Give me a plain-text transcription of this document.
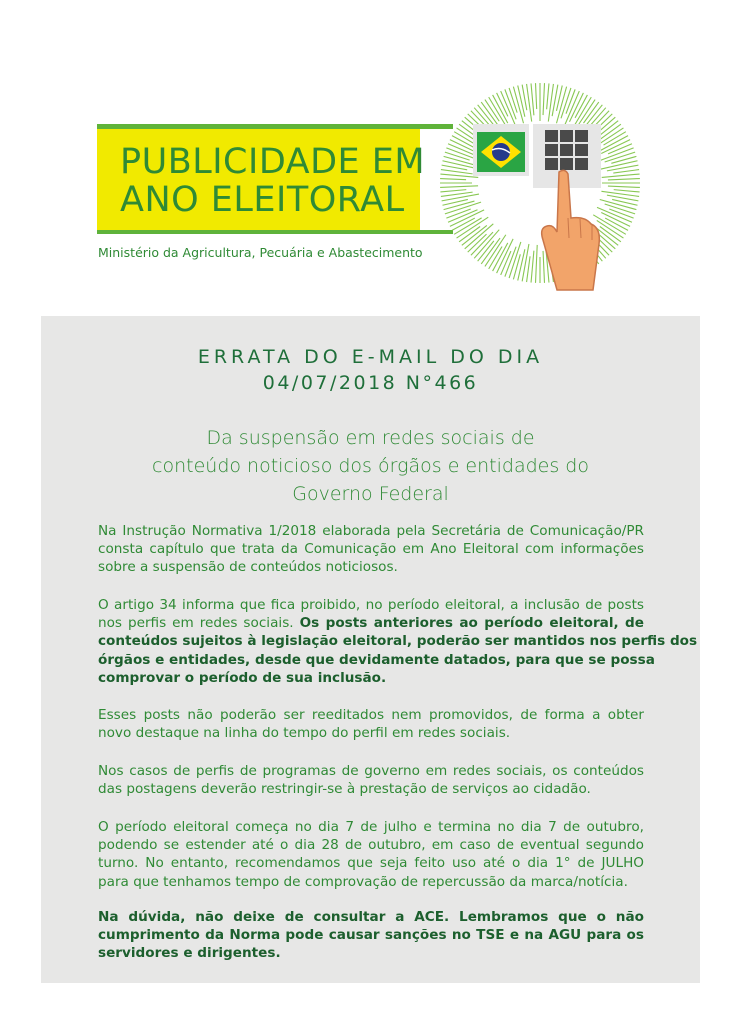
PUBLICIDADE EM
ANO ELEITORAL
Ministério da Agricultura, Pecuária e Abastecimento
ERRATA DO E-MAIL DO DIA
04/07/2018 N°466
Da suspensão em redes sociais de
conteúdo noticioso dos órgãos e entidades do
Governo Federal
Na Instrução Normativa 1/2018 elaborada pela Secretária de Comunicação/PR
consta capítulo que trata da Comunicação em Ano Eleitoral com informações
sobre a suspensão de conteúdos noticiosos.
O artigo 34 informa que fica proibido, no período eleitoral, a inclusão de posts
nos perfis em redes sociais. Os posts anteriores ao período eleitoral, de
conteúdos sujeitos à legislação eleitoral, poderão ser mantidos nos perfis dos
órgãos e entidades, desde que devidamente datados, para que se possa
comprovar o período de sua inclusão.
Esses posts não poderão ser reeditados nem promovidos, de forma a obter
novo destaque na linha do tempo do perfil em redes sociais.
Nos casos de perfis de programas de governo em redes sociais, os conteúdos
das postagens deverão restringir-se à prestação de serviços ao cidadão.
O período eleitoral começa no dia 7 de julho e termina no dia 7 de outubro,
podendo se estender até o dia 28 de outubro, em caso de eventual segundo
turno. No entanto, recomendamos que seja feito uso até o dia 1° de JULHO
para que tenhamos tempo de comprovação de repercussão da marca/notícia.
Na dúvida, não deixe de consultar a ACE. Lembramos que o não
cumprimento da Norma pode causar sanções no TSE e na AGU para os
servidores e dirigentes.
